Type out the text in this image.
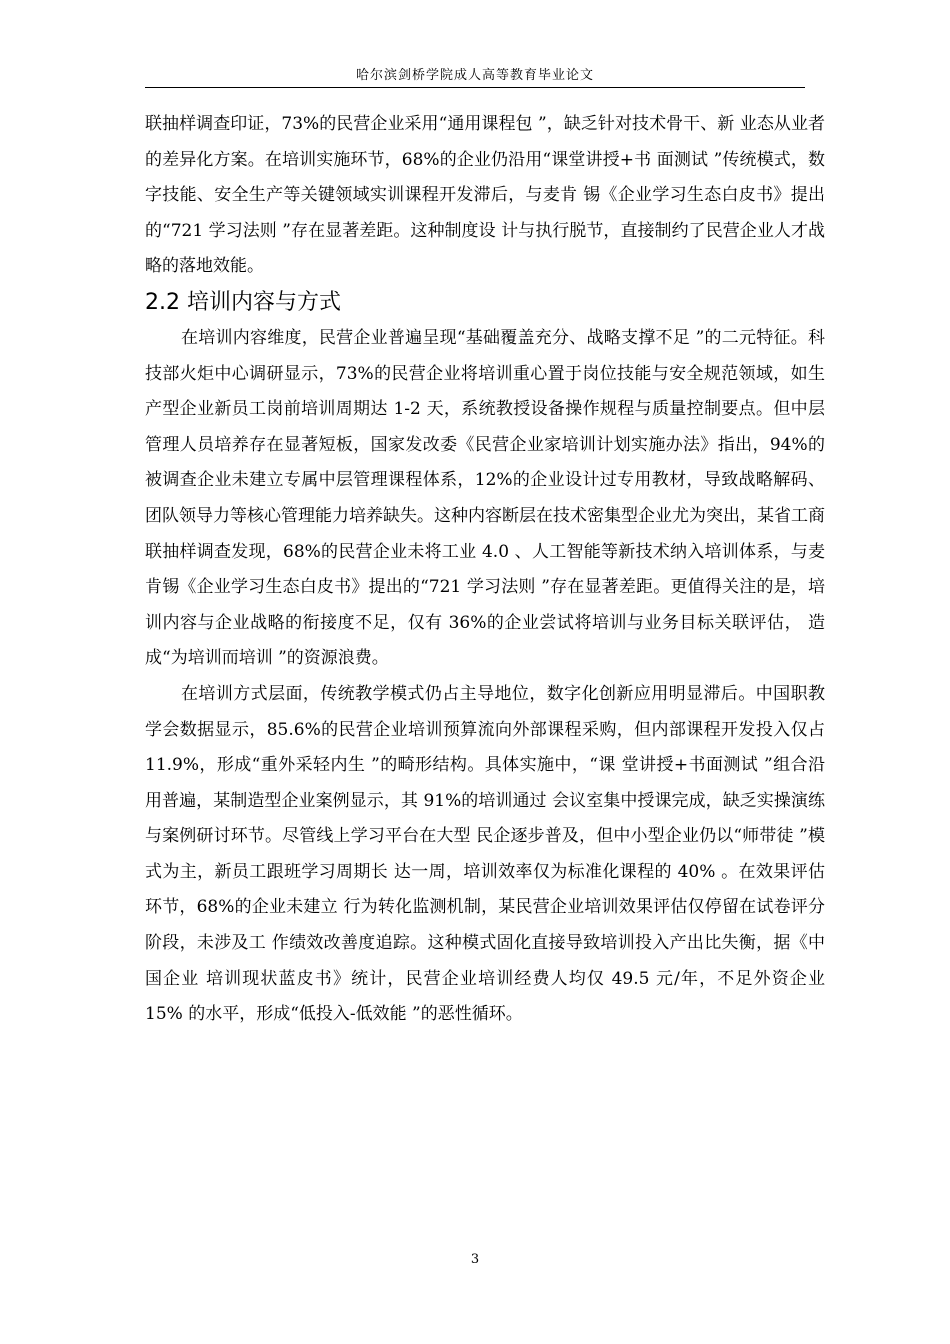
哈尔滨剑桥学院成人高等教育毕业论文

联抽样调查印证，73%的民营企业采用“通用课程包 ”，缺乏针对技术骨干、新 业态从业者的差异化方案。在培训实施环节，68%的企业仍沿用“课堂讲授+书 面测试 ”传统模式，数字技能、安全生产等关键领域实训课程开发滞后，与麦肯 锡《企业学习生态白皮书》提出的“721 学习法则 ”存在显著差距。这种制度设 计与执行脱节，直接制约了民营企业人才战略的落地效能。

2.2 培训内容与方式

在培训内容维度，民营企业普遍呈现“基础覆盖充分、战略支撑不足 ”的二元特征。科技部火炬中心调研显示，73%的民营企业将培训重心置于岗位技能与安全规范领域，如生产型企业新员工岗前培训周期达 1-2 天，系统教授设备操作规程与质量控制要点。但中层管理人员培养存在显著短板，国家发改委《民营企业家培训计划实施办法》指出，94%的被调查企业未建立专属中层管理课程体系，12%的企业设计过专用教材，导致战略解码、团队领导力等核心管理能力培养缺失。这种内容断层在技术密集型企业尤为突出，某省工商联抽样调查发现，68%的民营企业未将工业 4.0 、人工智能等新技术纳入培训体系，与麦肯锡《企业学习生态白皮书》提出的“721 学习法则 ”存在显著差距。更值得关注的是，培训内容与企业战略的衔接度不足，仅有 36%的企业尝试将培训与业务目标关联评估， 造成“为培训而培训 ”的资源浪费。

在培训方式层面，传统教学模式仍占主导地位，数字化创新应用明显滞后。中国职教学会数据显示，85.6%的民营企业培训预算流向外部课程采购，但内部课程开发投入仅占 11.9%，形成“重外采轻内生 ”的畸形结构。具体实施中，“课 堂讲授+书面测试 ”组合沿用普遍，某制造型企业案例显示，其 91%的培训通过 会议室集中授课完成，缺乏实操演练与案例研讨环节。尽管线上学习平台在大型 民企逐步普及，但中小型企业仍以“师带徒 ”模式为主，新员工跟班学习周期长 达一周，培训效率仅为标准化课程的 40% 。在效果评估环节，68%的企业未建立 行为转化监测机制，某民营企业培训效果评估仅停留在试卷评分阶段，未涉及工 作绩效改善度追踪。这种模式固化直接导致培训投入产出比失衡，据《中国企业 培训现状蓝皮书》统计，民营企业培训经费人均仅 49.5 元/年，不足外资企业 15% 的水平，形成“低投入-低效能 ”的恶性循环。

3
